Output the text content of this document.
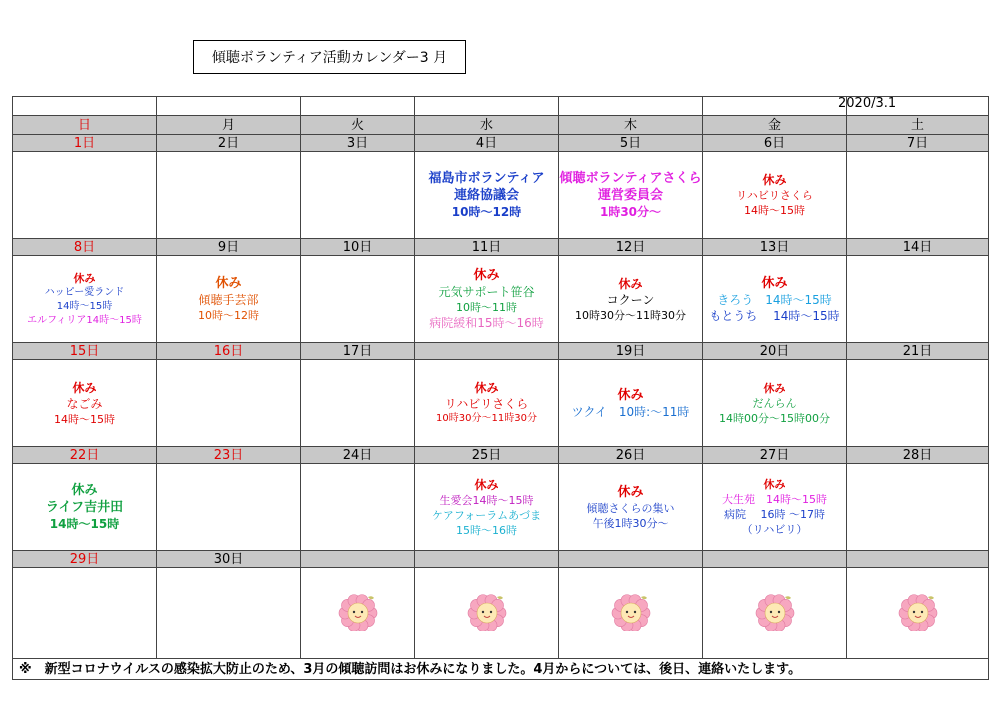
傾聴ボランティア活動カレンダー3 月
2020/3.1

日	月	火	水	木	金	土
1日	2日	3日	4日	5日	6日	7日

			福島市ボランティア
連絡協議会
10時～12時	傾聴ボランティアさくら
運営委員会
1時30分～	休み
リハビリさくら
14時～15時	

8日	9日	10日	11日	12日	13日	14日

休み
ハッピー愛ランド
14時～15時
エルフィリア14時～15時	休み
傾聴手芸部
10時～12時		休み
元気サポート笹谷
10時～11時
病院緩和15時～16時	休み
コクーン
10時30分～11時30分	休み
きろう　14時～15時
もとうち　 14時～15時	

15日	16日	17日		19日	20日	21日

休み
なごみ
14時～15時			休み
リハビリさくら
10時30分～11時30分	休み
ツクイ　10時:～11時	休み
だんらん
14時00分～15時00分	

22日	23日	24日	25日	26日	27日	28日

休み
ライフ吉井田
14時～15時			休み
生愛会14時～15時
ケアフォーラムあづま
15時～16時	休み
傾聴さくらの集い
午後1時30分～	休み
大生苑　14時～15時
病院　 16時 ～17時
（リハビリ）	

29日	30日					

※　新型コロナウイルスの感染拡大防止のため、3月の傾聴訪問はお休みになりました。4月からについては、後日、連絡いたします。						
